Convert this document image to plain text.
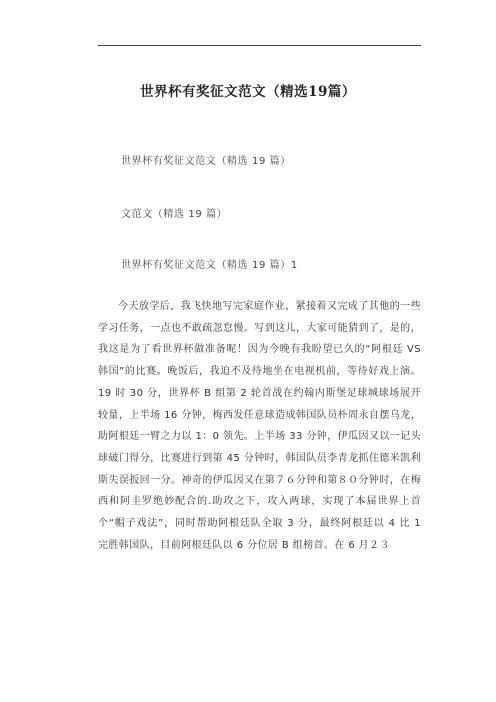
世界杯有奖征文范文（精选19篇）
世界杯有奖征文范文（精选 19 篇）
文范文（精选 19 篇）
世界杯有奖征文范文（精选 19 篇）1

今天放学后，我飞快地写完家庭作业，紧接着又完成了其他的一些学习任务，一点也不敢疏忽怠慢。写到这儿，大家可能猜到了，是的，我这是为了看世界杯做准备呢！因为今晚有我盼望已久的“阿根廷 VS 韩国”的比赛。晚饭后，我迫不及待地坐在电视机前，等待好戏上演。19 时 30 分，世界杯 B 组第 2 轮首战在约翰内斯堡足球城球场展开较量，上半场 16 分钟，梅西发任意球造成韩国队员朴周永自摆乌龙，助阿根廷一臂之力以 1：0 领先。上半场 33 分钟，伊瓜因又以一记头球破门得分，比赛进行到第 45 分钟时，韩国队员李青龙抓住德米凯利斯失误扳回一分。神奇的伊瓜因又在第７６分钟和第８０分钟时，在梅西和阿圭罗绝妙配合的.助攻之下，攻入两球，实现了本届世界上首个“帽子戏法”，同时帮助阿根廷队全取 3 分，最终阿根廷以 4 比 1 完胜韩国队，目前阿根廷队以 6 分位居 B 组榜首。在 6 月２３
